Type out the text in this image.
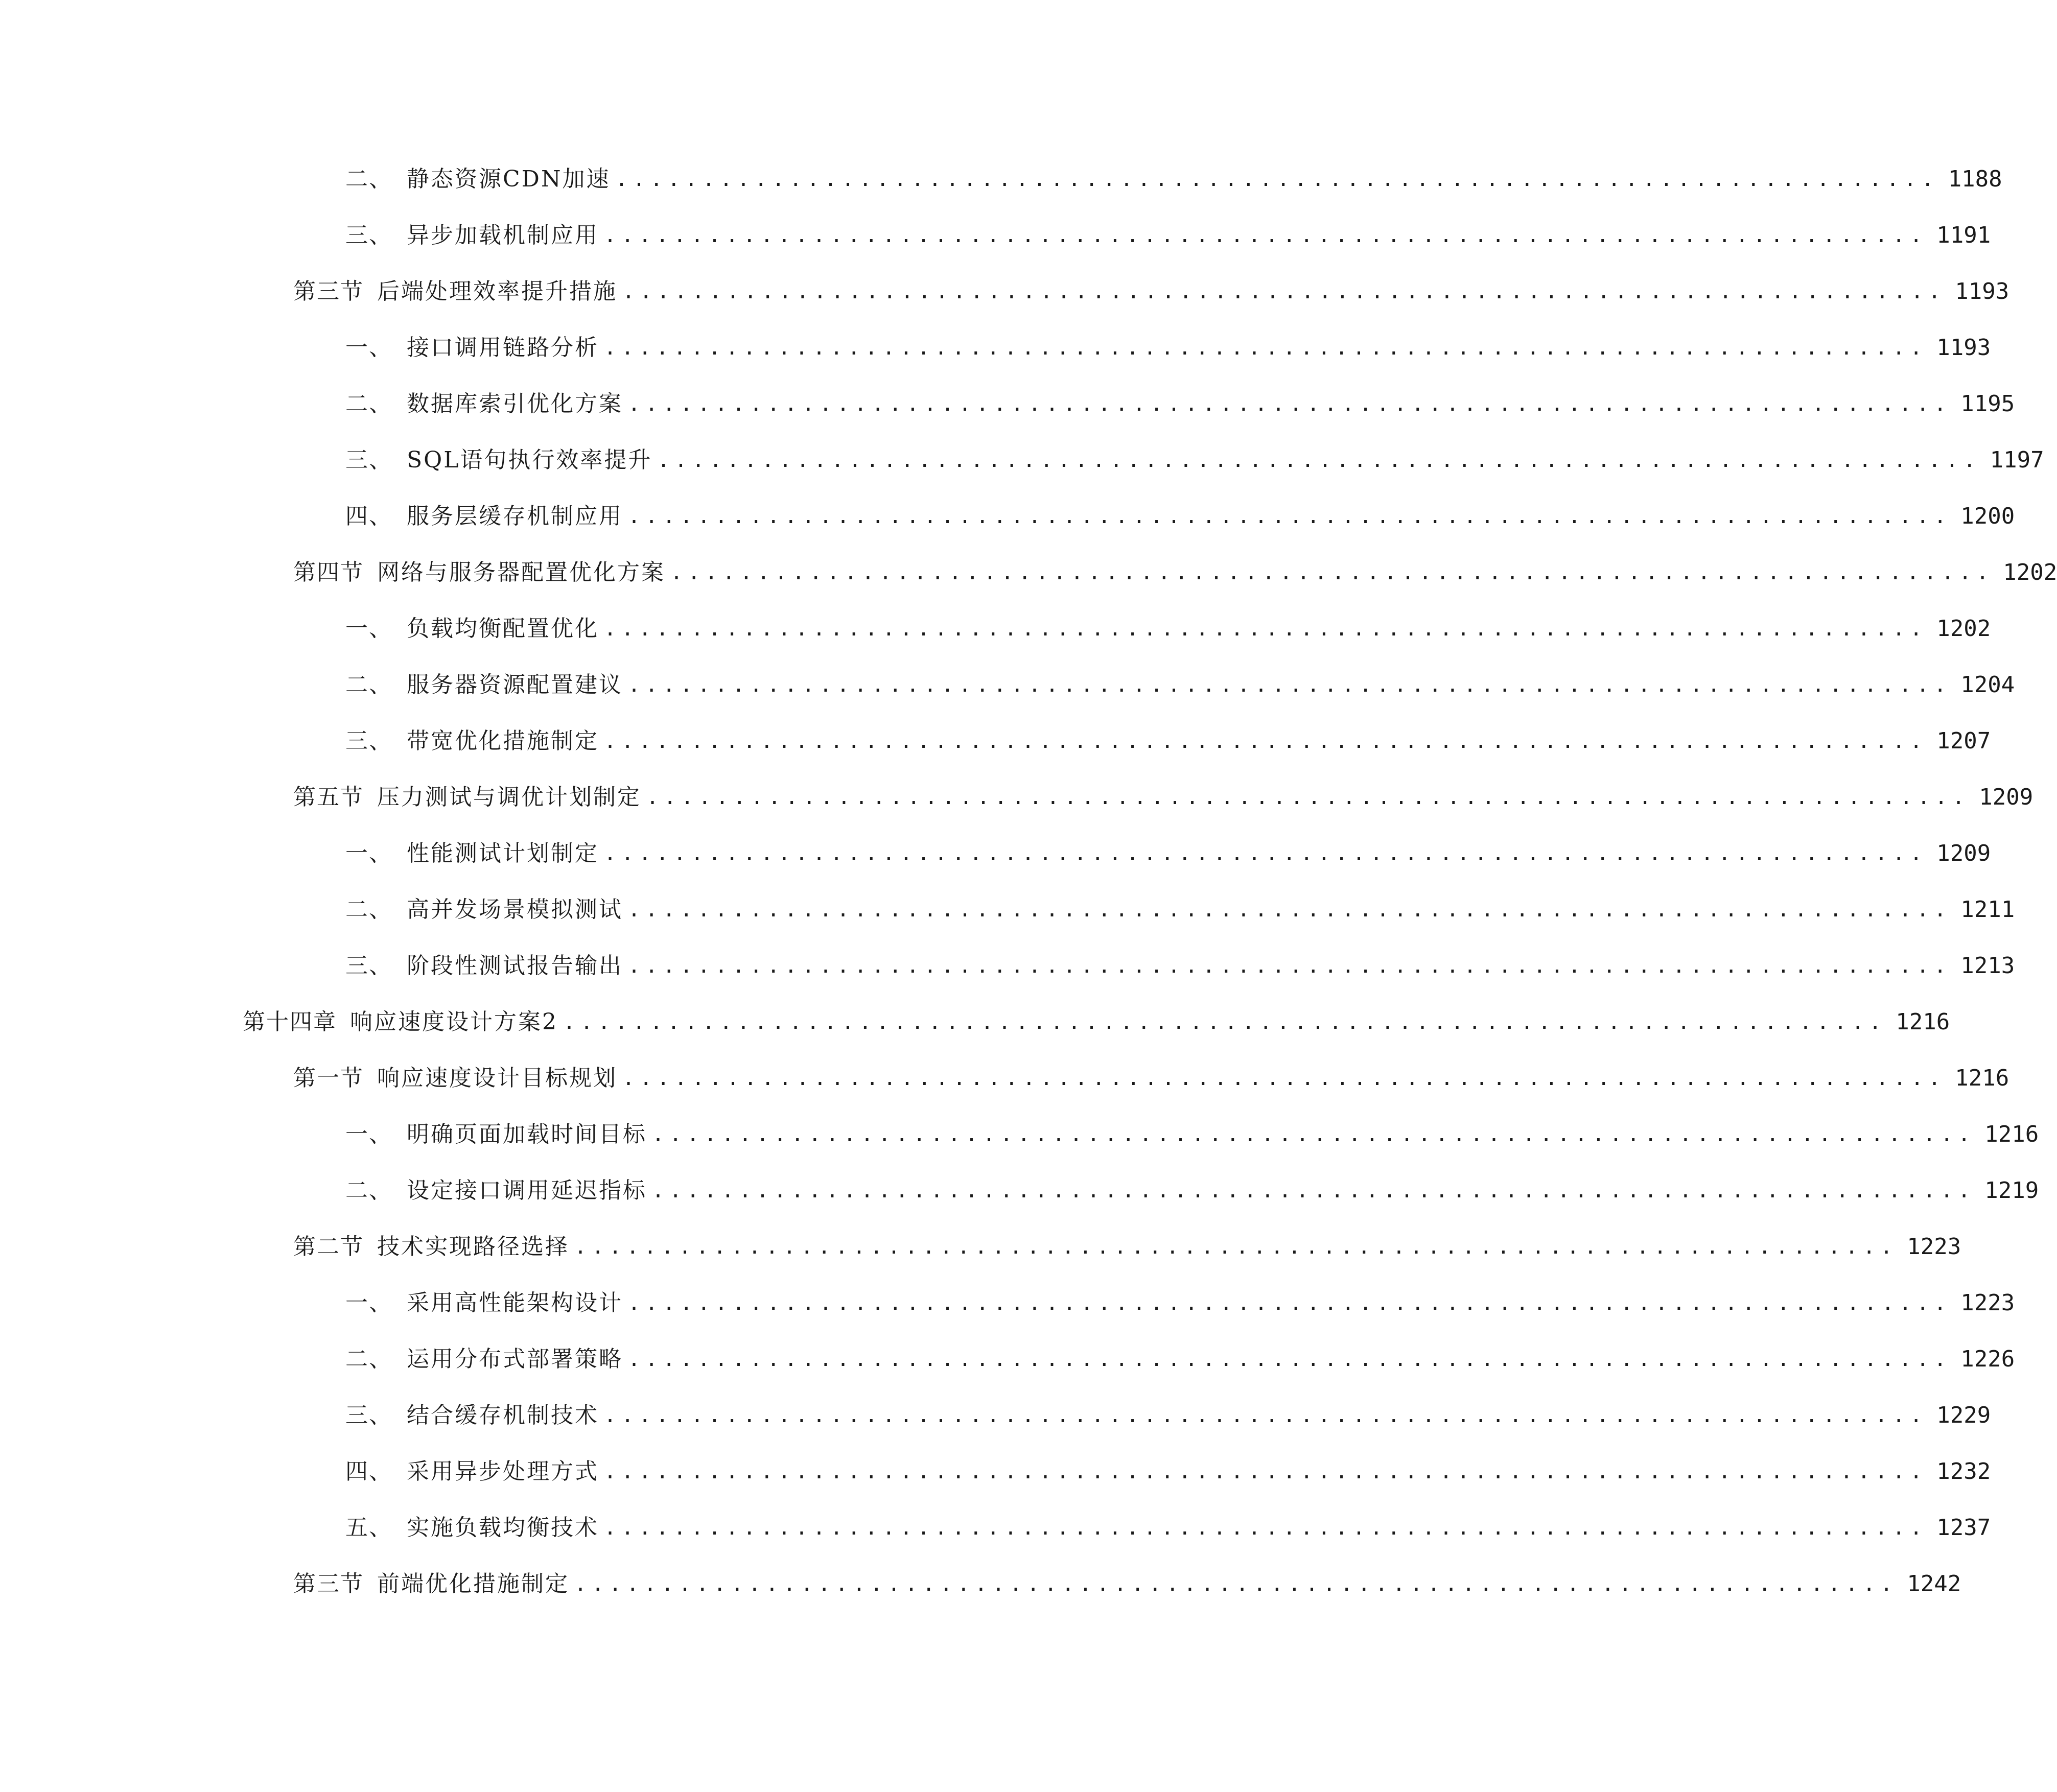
二、 静态资源CDN加速 ............................................................................ 1188
三、 异步加载机制应用 ............................................................................ 1191
第三节 后端处理效率提升措施 ............................................................................ 1193
一、 接口调用链路分析 ............................................................................ 1193
二、 数据库索引优化方案 ............................................................................ 1195
三、 SQL语句执行效率提升 ............................................................................ 1197
四、 服务层缓存机制应用 ............................................................................ 1200
第四节 网络与服务器配置优化方案 ............................................................................ 1202
一、 负载均衡配置优化 ............................................................................ 1202
二、 服务器资源配置建议 ............................................................................ 1204
三、 带宽优化措施制定 ............................................................................ 1207
第五节 压力测试与调优计划制定 ............................................................................ 1209
一、 性能测试计划制定 ............................................................................ 1209
二、 高并发场景模拟测试 ............................................................................ 1211
三、 阶段性测试报告输出 ............................................................................ 1213
第十四章 响应速度设计方案2 ............................................................................ 1216
第一节 响应速度设计目标规划 ............................................................................ 1216
一、 明确页面加载时间目标 ............................................................................ 1216
二、 设定接口调用延迟指标 ............................................................................ 1219
第二节 技术实现路径选择 ............................................................................ 1223
一、 采用高性能架构设计 ............................................................................ 1223
二、 运用分布式部署策略 ............................................................................ 1226
三、 结合缓存机制技术 ............................................................................ 1229
四、 采用异步处理方式 ............................................................................ 1232
五、 实施负载均衡技术 ............................................................................ 1237
第三节 前端优化措施制定 ............................................................................ 1242
